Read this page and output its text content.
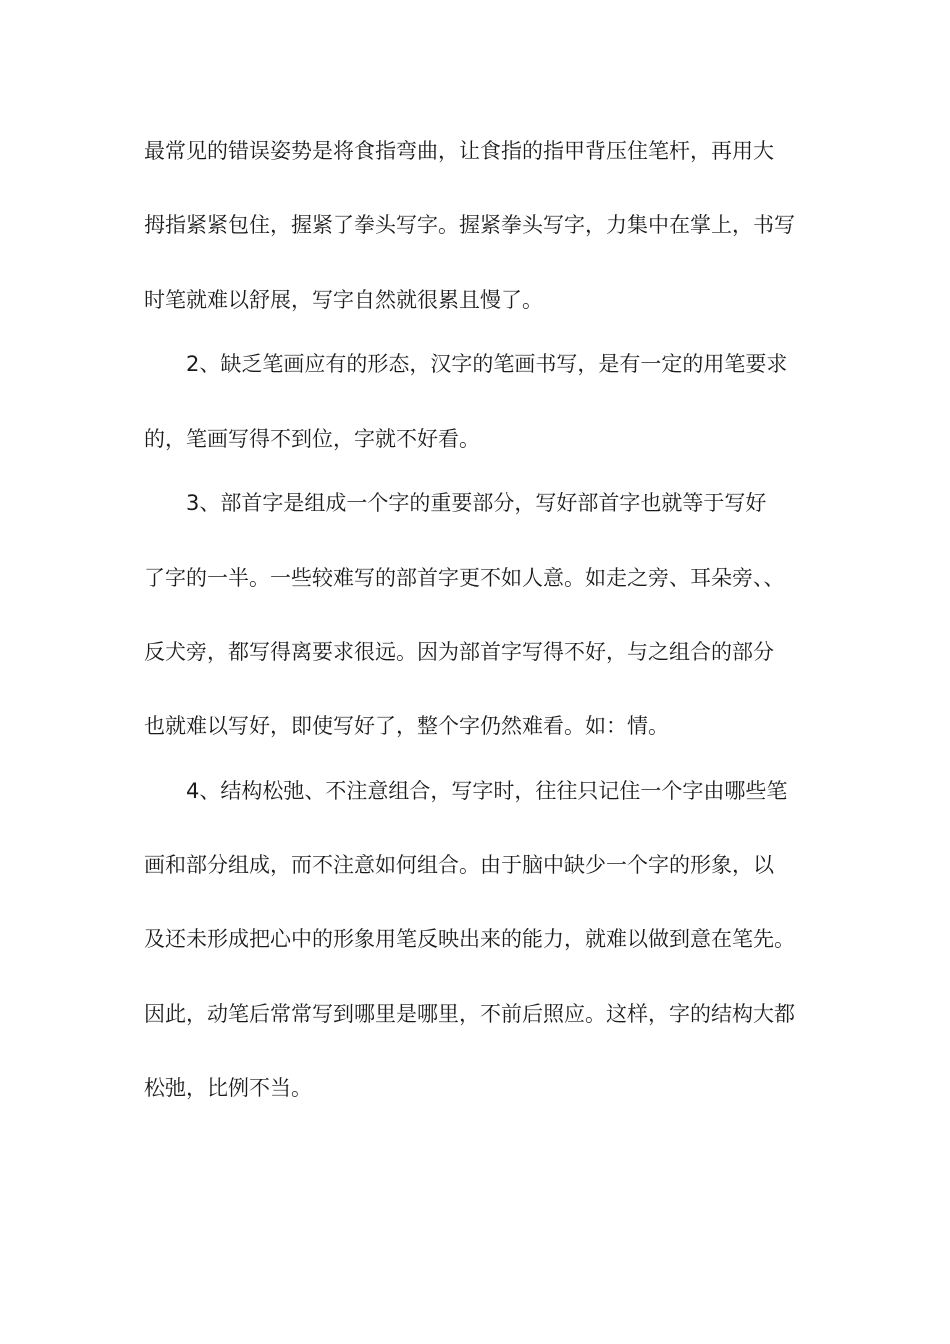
最常见的错误姿势是将食指弯曲，让食指的指甲背压住笔杆，再用大
拇指紧紧包住，握紧了拳头写字。握紧拳头写字，力集中在掌上，书写
时笔就难以舒展，写字自然就很累且慢了。
　　2、缺乏笔画应有的形态，汉字的笔画书写，是有一定的用笔要求
的，笔画写得不到位，字就不好看。
　　3、部首字是组成一个字的重要部分，写好部首字也就等于写好
了字的一半。一些较难写的部首字更不如人意。如走之旁、耳朵旁、、
反犬旁，都写得离要求很远。因为部首字写得不好，与之组合的部分
也就难以写好，即使写好了，整个字仍然难看。如：情。
　　4、结构松弛、不注意组合，写字时，往往只记住一个字由哪些笔
画和部分组成，而不注意如何组合。由于脑中缺少一个字的形象，以
及还未形成把心中的形象用笔反映出来的能力，就难以做到意在笔先。
因此，动笔后常常写到哪里是哪里，不前后照应。这样，字的结构大都
松弛，比例不当。
